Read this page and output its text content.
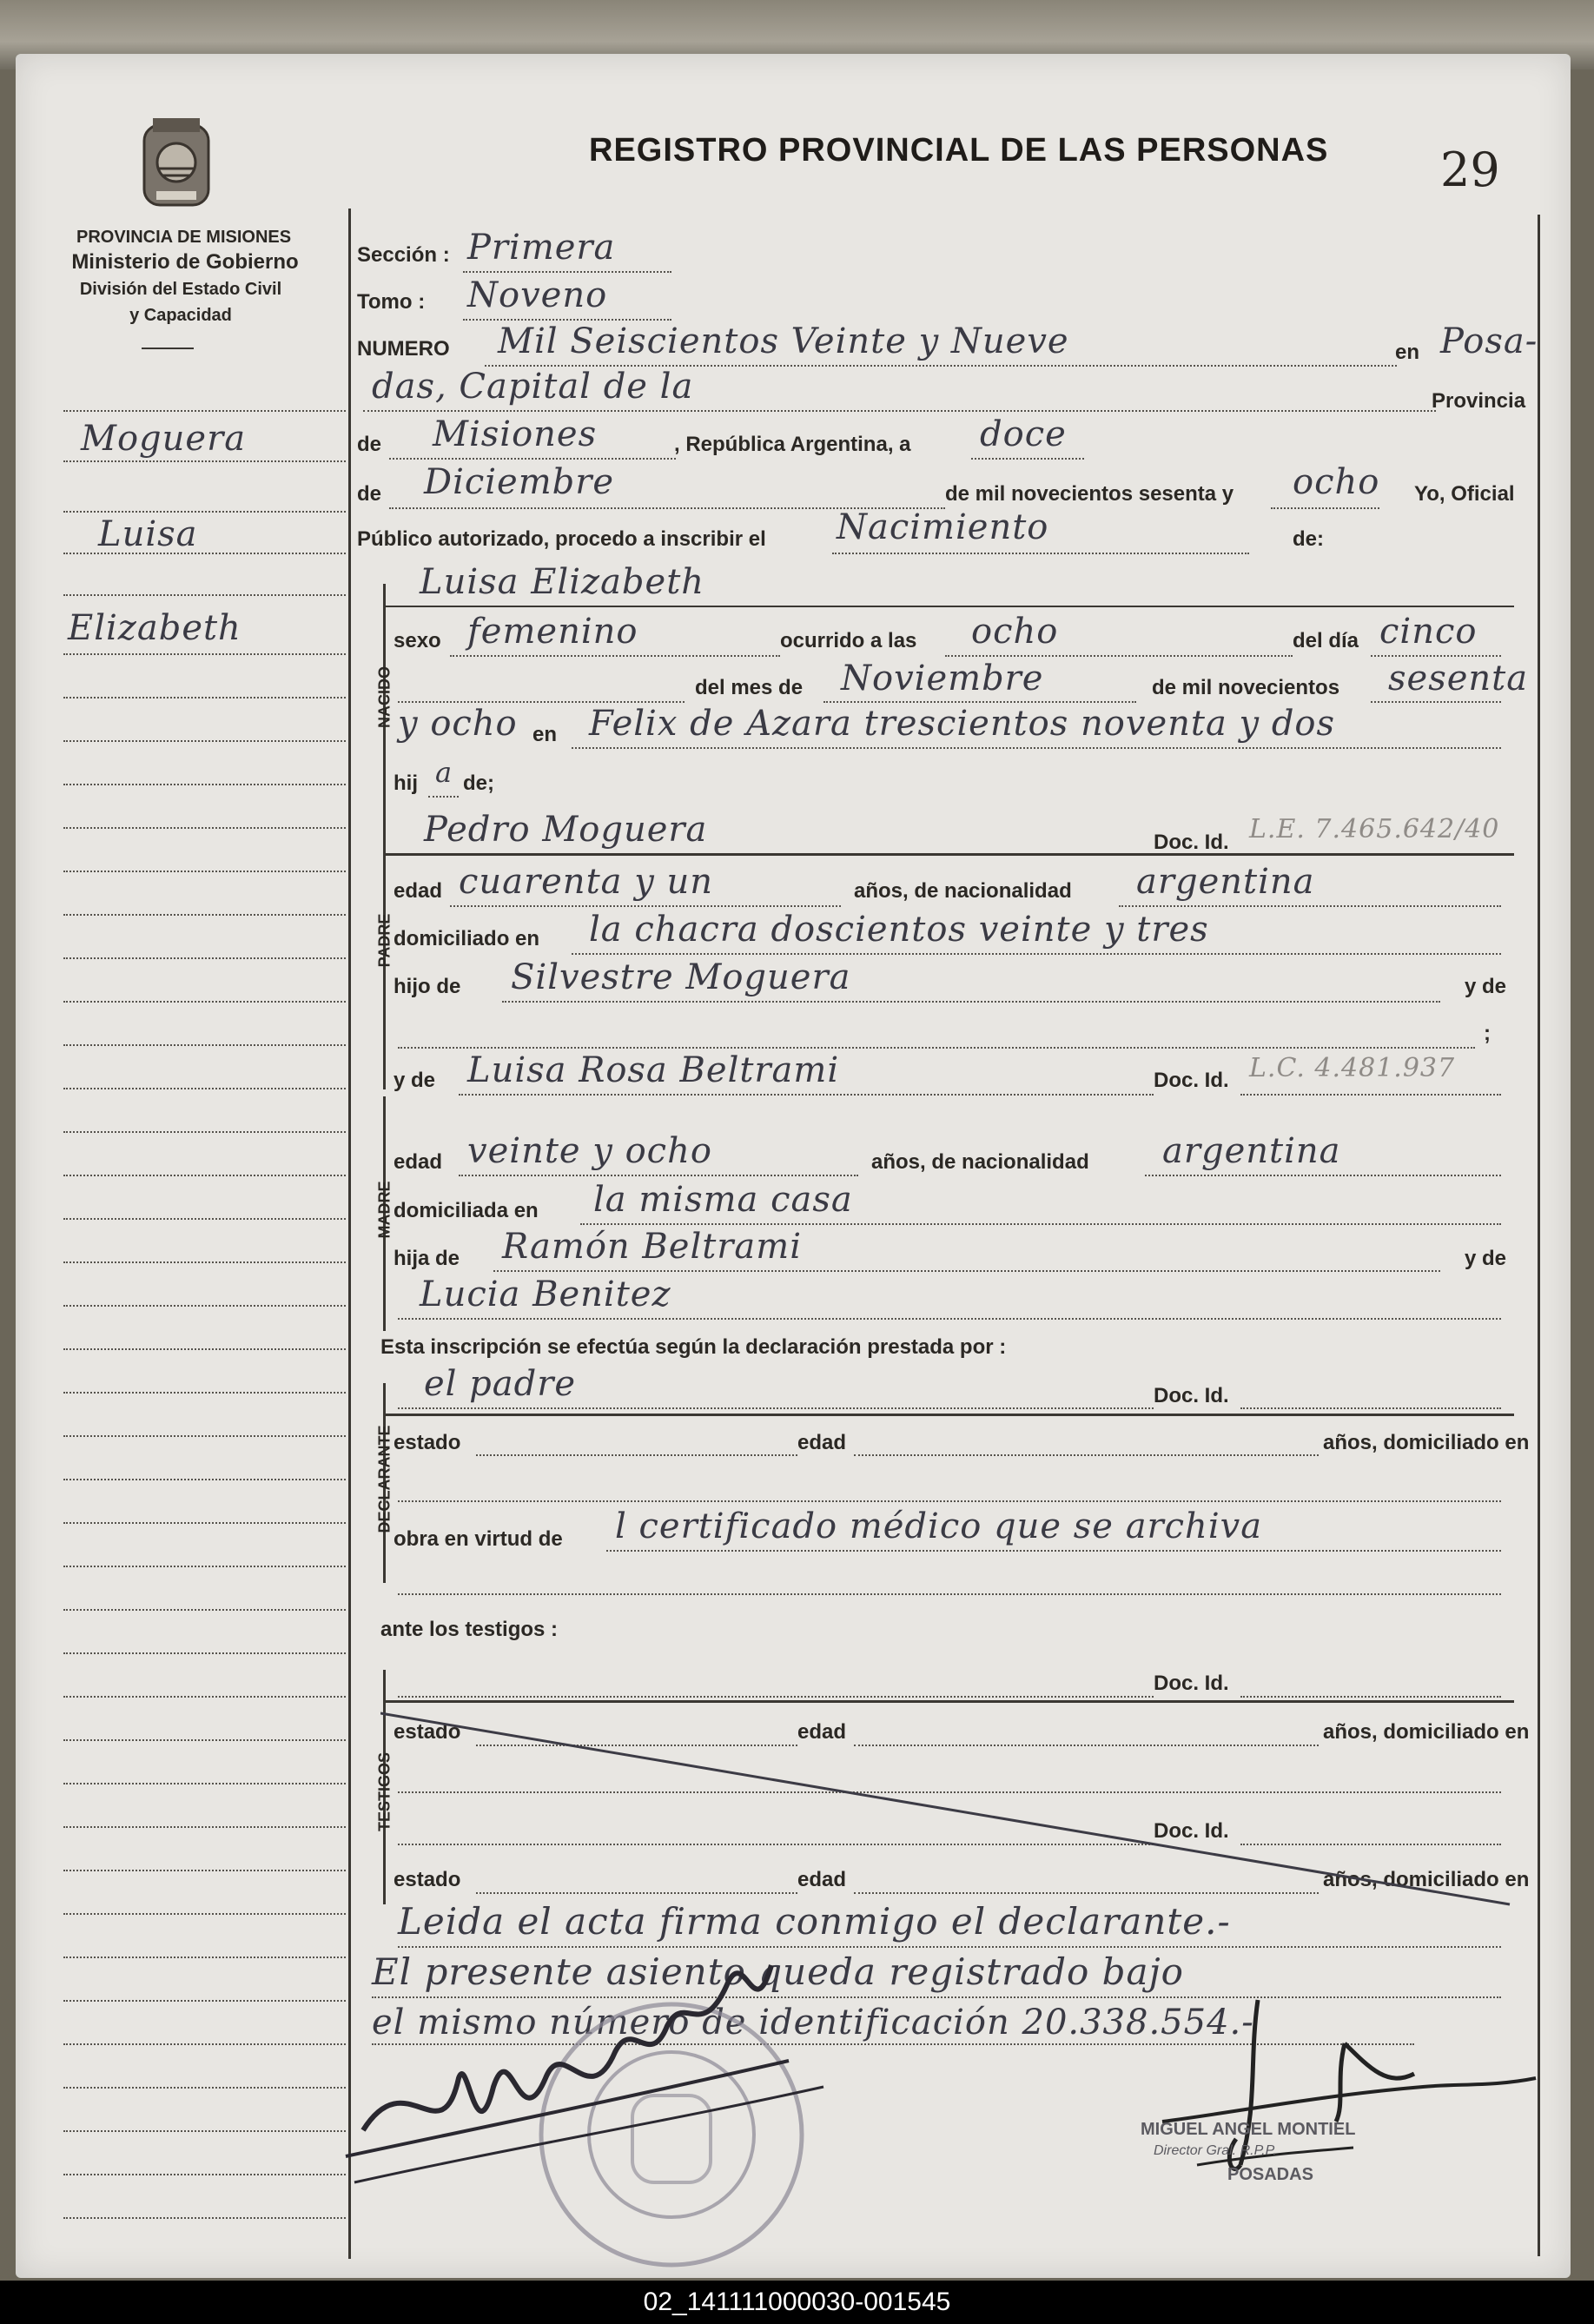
PROVINCIA DE MISIONES
Ministerio de Gobierno
División del Estado Civil
y Capacidad
REGISTRO PROVINCIAL DE LAS PERSONAS 29
Moguera
Luisa
Elizabeth
Sección : Primera
Tomo : Noveno
NUMERO Mil Seiscientos Veinte y Nueve	en Posa-
das, Capital de la	Provincia
de Misiones	, República Argentina, a doce
de Diciembre	de mil novecientos sesenta y ocho Yo, Oficial
Público autorizado, procedo a inscribir el Nacimiento	de:
NACIDO
Luisa Elizabeth
sexo femenino	ocurrido a las ocho	del día cinco
del mes de Noviembre	de mil novecientos sesenta
y ocho en Felix de Azara trescientos noventa y dos
hij a de;
PADRE
Pedro Moguera	Doc. Id. L.E. 7.465.642/40
edad cuarenta y un	años, de nacionalidad argentina
domiciliado en la chacra doscientos veinte y tres
hijo de Silvestre Moguera	y de
;
MADRE
y de Luisa Rosa Beltrami	Doc. Id. L.C. 4.481.937
edad veinte y ocho	años, de nacionalidad argentina
domiciliada en la misma casa
hija de Ramón Beltrami	y de
Lucia Benitez
Esta inscripción se efectúa según la declaración prestada por :
DECLARANTE
el padre	Doc. Id.
estado	edad	años, domiciliado en
obra en virtud de l certificado médico que se archiva
ante los testigos :
TESTIGOS
Doc. Id.
estado	edad	años, domiciliado en
Doc. Id.
estado	edad	años, domiciliado en
Leida el acta firma conmigo el declarante.-
El presente asiento queda registrado bajo
el mismo número de identificación 20.338.554.-
MIGUEL ANGEL MONTIEL
Director Gral. R.P.P.
POSADAS
02_141111000030-001545
